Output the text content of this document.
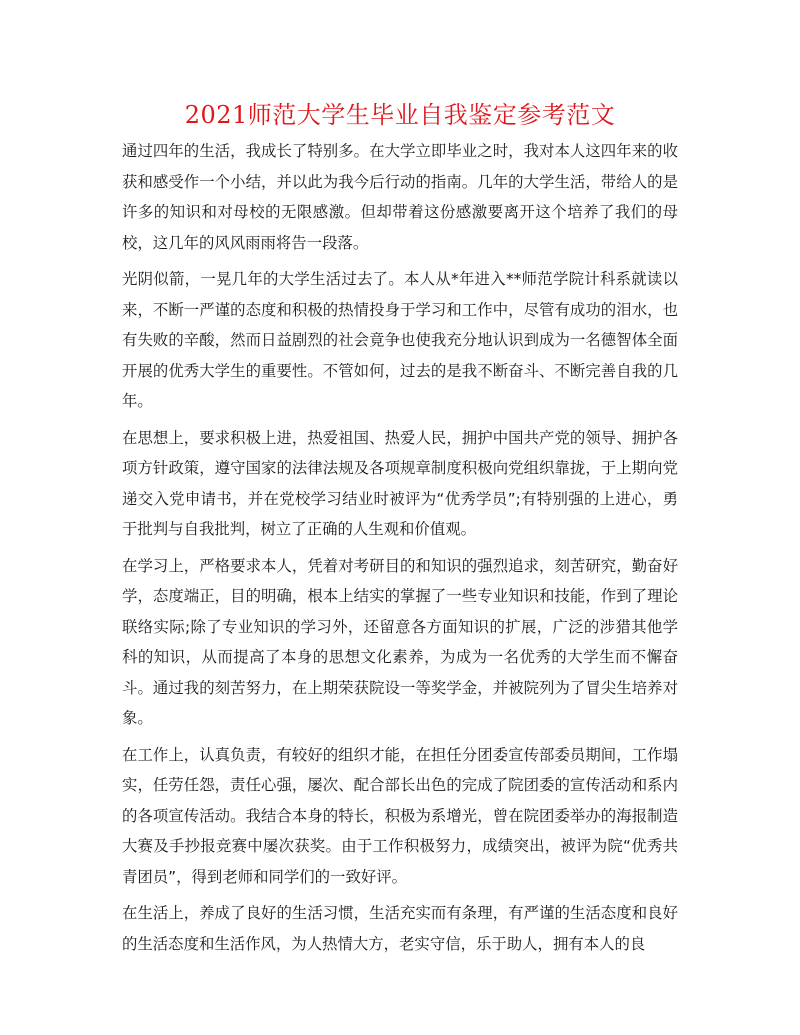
2021师范大学生毕业自我鉴定参考范文

通过四年的生活，我成长了特别多。在大学立即毕业之时，我对本人这四年来的收获和感受作一个小结，并以此为我今后行动的指南。几年的大学生活，带给人的是许多的知识和对母校的无限感激。但却带着这份感激要离开这个培养了我们的母校，这几年的风风雨雨将告一段落。

光阴似箭，一晃几年的大学生活过去了。本人从*年进入**师范学院计科系就读以来，不断一严谨的态度和积极的热情投身于学习和工作中，尽管有成功的泪水，也有失败的辛酸，然而日益剧烈的社会竟争也使我充分地认识到成为一名德智体全面开展的优秀大学生的重要性。不管如何，过去的是我不断奋斗、不断完善自我的几年。

在思想上，要求积极上进，热爱祖国、热爱人民，拥护中国共产党的领导、拥护各项方针政策，遵守国家的法律法规及各项规章制度积极向党组织靠拢，于上期向党递交入党申请书，并在党校学习结业时被评为“优秀学员”;有特别强的上进心，勇于批判与自我批判，树立了正确的人生观和价值观。

在学习上，严格要求本人，凭着对考研目的和知识的强烈追求，刻苦研究，勤奋好学，态度端正，目的明确，根本上结实的掌握了一些专业知识和技能，作到了理论联络实际;除了专业知识的学习外，还留意各方面知识的扩展，广泛的涉猎其他学科的知识，从而提高了本身的思想文化素养，为成为一名优秀的大学生而不懈奋斗。通过我的刻苦努力，在上期荣获院设一等奖学金，并被院列为了冒尖生培养对象。

在工作上，认真负责，有较好的组织才能，在担任分团委宣传部委员期间，工作塌实，任劳任怨，责任心强，屡次、配合部长出色的完成了院团委的宣传活动和系内的各项宣传活动。我结合本身的特长，积极为系增光，曾在院团委举办的海报制造大赛及手抄报竞赛中屡次获奖。由于工作积极努力，成绩突出，被评为院“优秀共青团员”，得到老师和同学们的一致好评。

在生活上，养成了良好的生活习惯，生活充实而有条理，有严谨的生活态度和良好的生活态度和生活作风，为人热情大方，老实守信，乐于助人，拥有本人的良
